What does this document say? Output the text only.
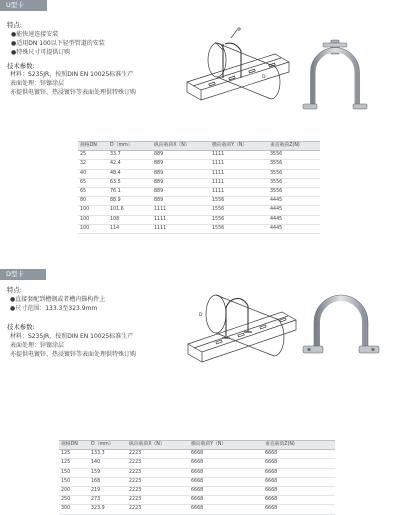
U型卡
特点:
●能快速连接安装
●适用DN 100以下轻型管道的安装
●特殊尺寸可提供订购
技术参数:
材料：S235JR，按照DIN EN 10025标准生产
表面处理：锌镍涂层
亦提供电镀锌、热浸镀锌等表面处理供特殊订购
D
规格DN	D（mm）	纵向载荷X（N）	横向载荷Y（N）	垂直载荷Z(N)
25	33.7	889	1111	3556
32	42.4	889	1111	3556
40	48.4	889	1111	3556
65	63.5	889	1111	3556
65	76.1	889	1111	3556
80	88.9	889	1556	4445
100	101.6	1111	1556	4445
100	108	1111	1556	4445
100	114	1111	1556	4445
D型卡
特点:
●直接套配到槽钢或者槽内锚构件上
●尺寸范围：133.3至323.9mm
技术参数:
材料：S235JR，按照DIN EN 10025标准生产
表面处理：锌镍涂层
亦提供电镀锌、热浸镀锌等表面处理供特殊订购
D
规格DN	D（mm）	纵向载荷X（N）	横向载荷Y（N）	垂直载荷Z(N)
125	133.3	2223	6668	6668
125	140	2223	6668	6668
150	159	2223	6668	6668
150	168	2223	6668	6668
200	219	2223	6668	6668
250	273	2223	6668	6668
300	323.9	2223	6668	6668
